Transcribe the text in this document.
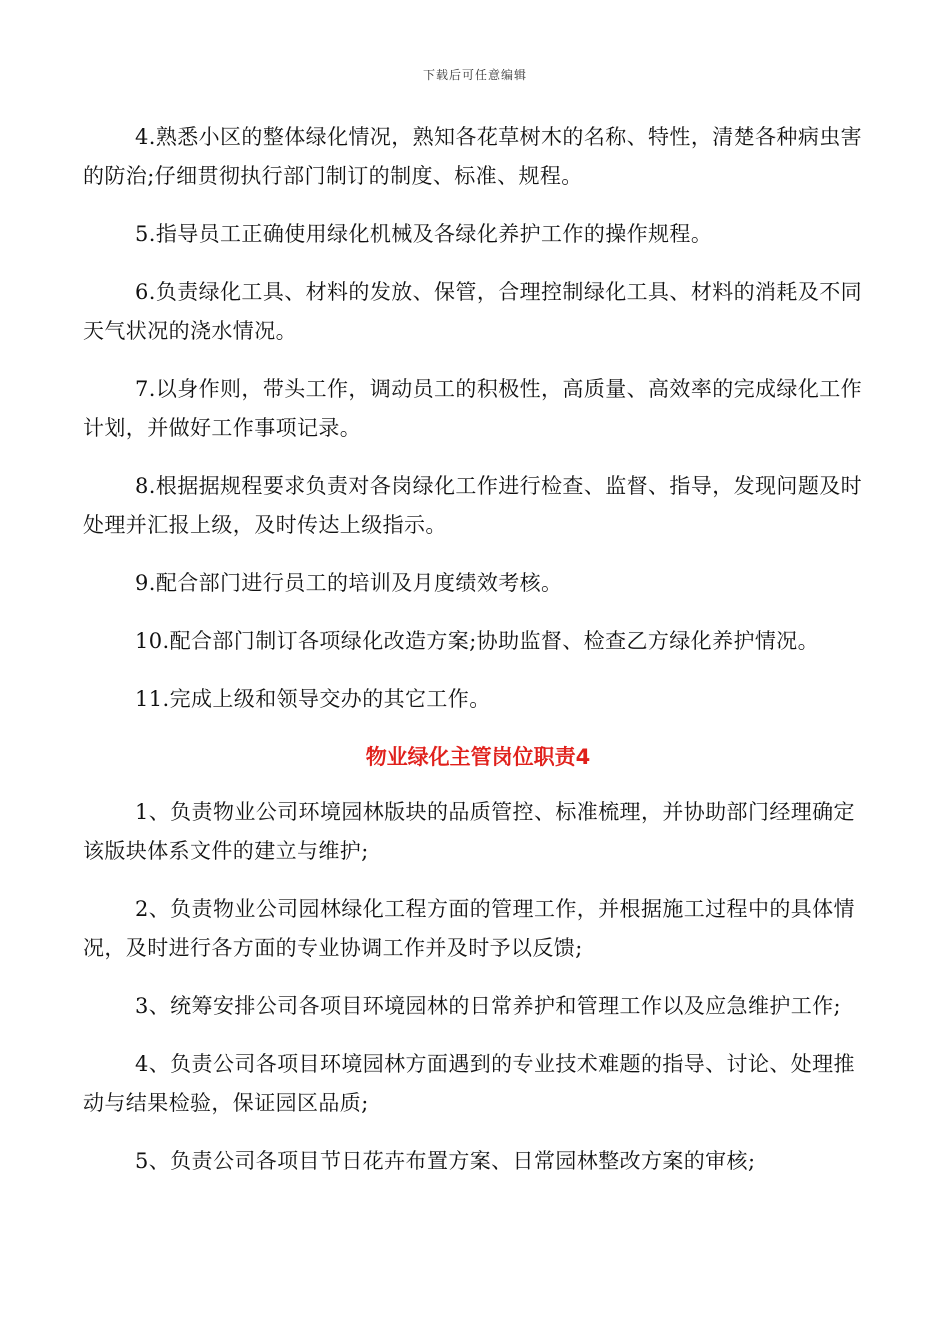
下载后可任意编辑

4.熟悉小区的整体绿化情况，熟知各花草树木的名称、特性，清楚各种病虫害的防治;仔细贯彻执行部门制订的制度、标准、规程。

5.指导员工正确使用绿化机械及各绿化养护工作的操作规程。

6.负责绿化工具、材料的发放、保管，合理控制绿化工具、材料的消耗及不同天气状况的浇水情况。

7.以身作则，带头工作，调动员工的积极性，高质量、高效率的完成绿化工作计划，并做好工作事项记录。

8.根据据规程要求负责对各岗绿化工作进行检查、监督、指导，发现问题及时处理并汇报上级，及时传达上级指示。

9.配合部门进行员工的培训及月度绩效考核。

10.配合部门制订各项绿化改造方案;协助监督、检查乙方绿化养护情况。

11.完成上级和领导交办的其它工作。

物业绿化主管岗位职责4

1、负责物业公司环境园林版块的品质管控、标准梳理，并协助部门经理确定该版块体系文件的建立与维护;

2、负责物业公司园林绿化工程方面的管理工作，并根据施工过程中的具体情况，及时进行各方面的专业协调工作并及时予以反馈;

3、统筹安排公司各项目环境园林的日常养护和管理工作以及应急维护工作;

4、负责公司各项目环境园林方面遇到的专业技术难题的指导、讨论、处理推动与结果检验，保证园区品质;

5、负责公司各项目节日花卉布置方案、日常园林整改方案的审核;
